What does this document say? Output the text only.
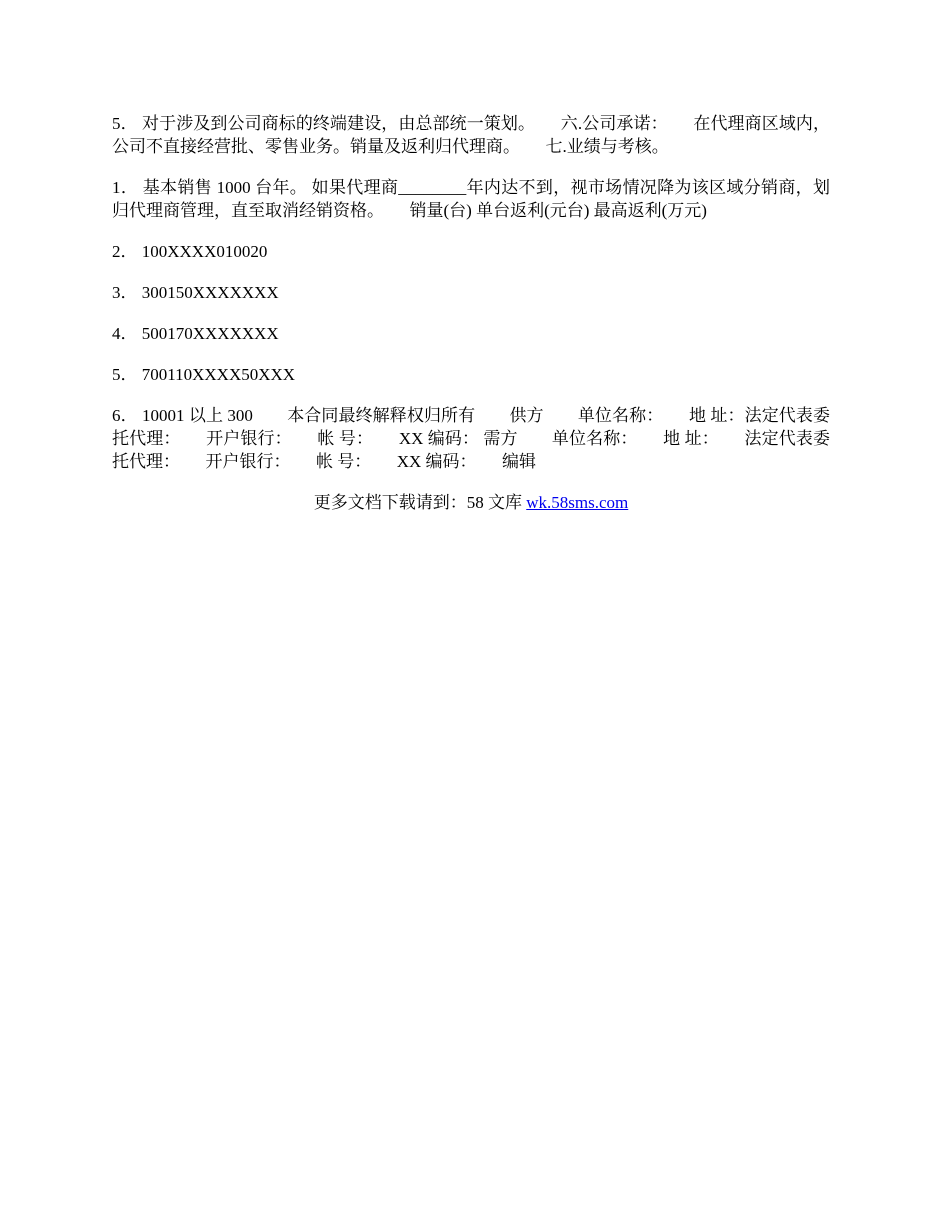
5． 对于涉及到公司商标的终端建设，由总部统一策划。　　六.公司承诺：　　在代理商区域内，公司不直接经营批、零售业务。销量及返利归代理商。　　七.业绩与考核。

1． 基本销售 1000 台年。 如果代理商________年内达不到，视市场情况降为该区域分销商，划归代理商管理，直至取消经销资格。　　销量(台) 单台返利(元台) 最高返利(万元)

2． 100XXXX010020

3． 300150XXXXXXX

4． 500170XXXXXXX

5． 700110XXXX50XXX

6． 10001 以上 300　　本合同最终解释权归所有　　供方　　单位名称：　　地 址：法定代表委托代理：　　开户银行：　　帐 号：　　XX 编码： 需方　　单位名称：　　地 址：　　法定代表委托代理：　　开户银行：　　帐 号：　　XX 编码：　　编辑

更多文档下载请到：58 文库 wk.58sms.com
